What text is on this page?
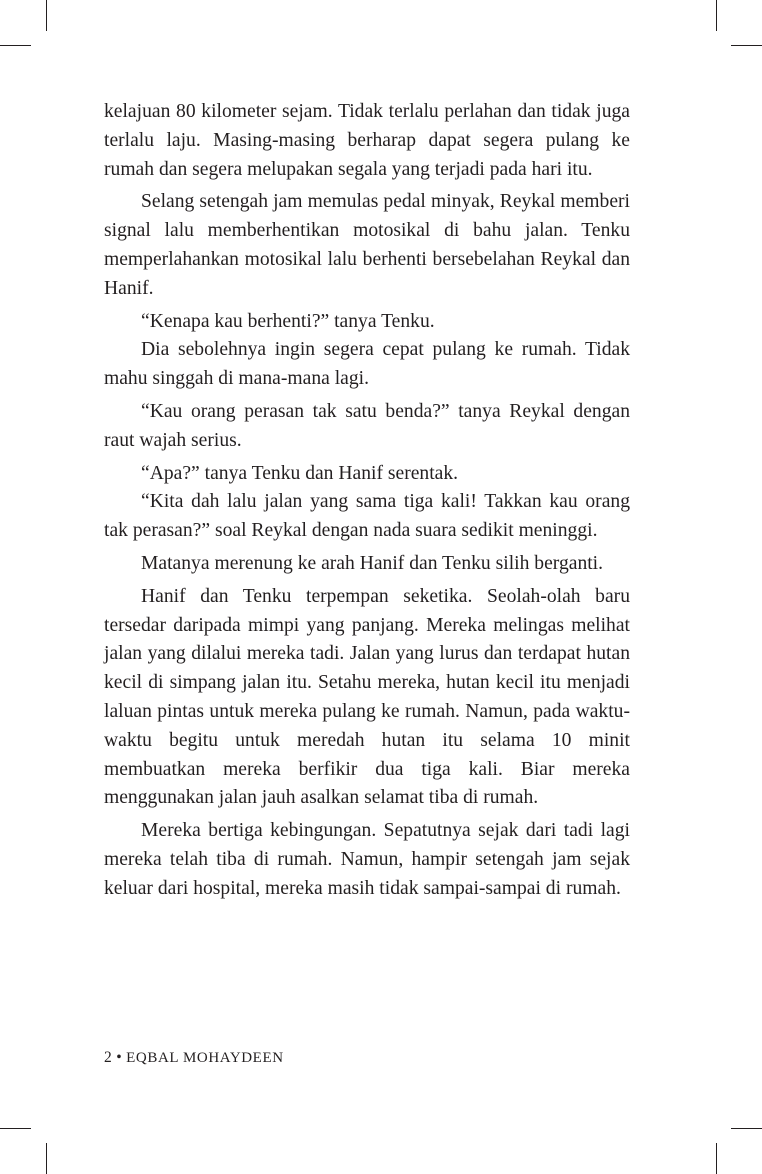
kelajuan 80 kilometer sejam. Tidak terlalu perlahan dan tidak juga terlalu laju. Masing-masing berharap dapat segera pulang ke rumah dan segera melupakan segala yang terjadi pada hari itu.

Selang setengah jam memulas pedal minyak, Reykal memberi signal lalu memberhentikan motosikal di bahu jalan. Tenku memperlahankan motosikal lalu berhenti bersebelahan Reykal dan Hanif.

“Kenapa kau berhenti?” tanya Tenku.

Dia sebolehnya ingin segera cepat pulang ke rumah. Tidak mahu singgah di mana-mana lagi.

“Kau orang perasan tak satu benda?” tanya Reykal dengan raut wajah serius.

“Apa?” tanya Tenku dan Hanif serentak.

“Kita dah lalu jalan yang sama tiga kali! Takkan kau orang tak perasan?” soal Reykal dengan nada suara sedikit meninggi.

Matanya merenung ke arah Hanif dan Tenku silih berganti.

Hanif dan Tenku terpempan seketika. Seolah-olah baru tersedar daripada mimpi yang panjang. Mereka melingas melihat jalan yang dilalui mereka tadi. Jalan yang lurus dan terdapat hutan kecil di simpang jalan itu. Setahu mereka, hutan kecil itu menjadi laluan pintas untuk mereka pulang ke rumah. Namun, pada waktu-waktu begitu untuk meredah hutan itu selama 10 minit membuatkan mereka berfikir dua tiga kali. Biar mereka menggunakan jalan jauh asalkan selamat tiba di rumah.

Mereka bertiga kebingungan. Sepatutnya sejak dari tadi lagi mereka telah tiba di rumah. Namun, hampir setengah jam sejak keluar dari hospital, mereka masih tidak sampai-sampai di rumah.

2 • EQBAL MOHAYDEEN
